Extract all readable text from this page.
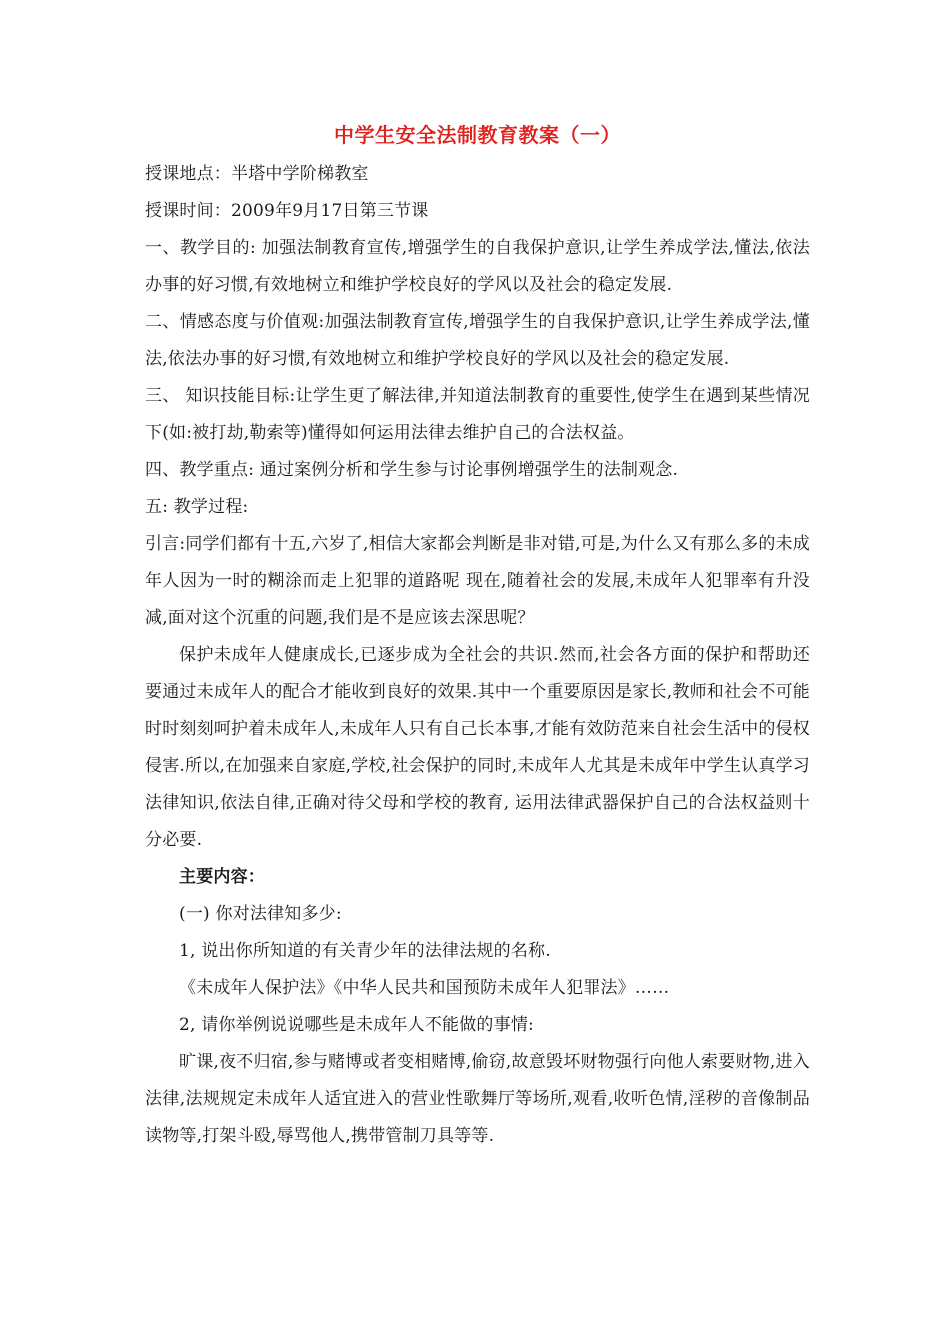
中学生安全法制教育教案（一）

授课地点：半塔中学阶梯教室

授课时间：2009年9月17日第三节课

一、教学目的: 加强法制教育宣传,增强学生的自我保护意识,让学生养成学法,懂法,依法办事的好习惯,有效地树立和维护学校良好的学风以及社会的稳定发展.

二、情感态度与价值观:加强法制教育宣传,增强学生的自我保护意识,让学生养成学法,懂法,依法办事的好习惯,有效地树立和维护学校良好的学风以及社会的稳定发展.

三、 知识技能目标:让学生更了解法律,并知道法制教育的重要性,使学生在遇到某些情况下(如:被打劫,勒索等)懂得如何运用法律去维护自己的合法权益。

四、教学重点: 通过案例分析和学生参与讨论事例增强学生的法制观念.

五: 教学过程:

引言:同学们都有十五,六岁了,相信大家都会判断是非对错,可是,为什么又有那么多的未成年人因为一时的糊涂而走上犯罪的道路呢 现在,随着社会的发展,未成年人犯罪率有升没减,面对这个沉重的问题,我们是不是应该去深思呢？

保护未成年人健康成长,已逐步成为全社会的共识.然而,社会各方面的保护和帮助还要通过未成年人的配合才能收到良好的效果.其中一个重要原因是家长,教师和社会不可能时时刻刻呵护着未成年人,未成年人只有自己长本事,才能有效防范来自社会生活中的侵权侵害.所以,在加强来自家庭,学校,社会保护的同时,未成年人尤其是未成年中学生认真学习法律知识,依法自律,正确对待父母和学校的教育, 运用法律武器保护自己的合法权益则十分必要.

主要内容：

(一) 你对法律知多少:

1, 说出你所知道的有关青少年的法律法规的名称.

《未成年人保护法》《中华人民共和国预防未成年人犯罪法》……

2, 请你举例说说哪些是未成年人不能做的事情:

旷课,夜不归宿,参与赌博或者变相赌博,偷窃,故意毁坏财物强行向他人索要财物,进入法律,法规规定未成年人适宜进入的营业性歌舞厅等场所,观看,收听色情,淫秽的音像制品读物等,打架斗殴,辱骂他人,携带管制刀具等等.
